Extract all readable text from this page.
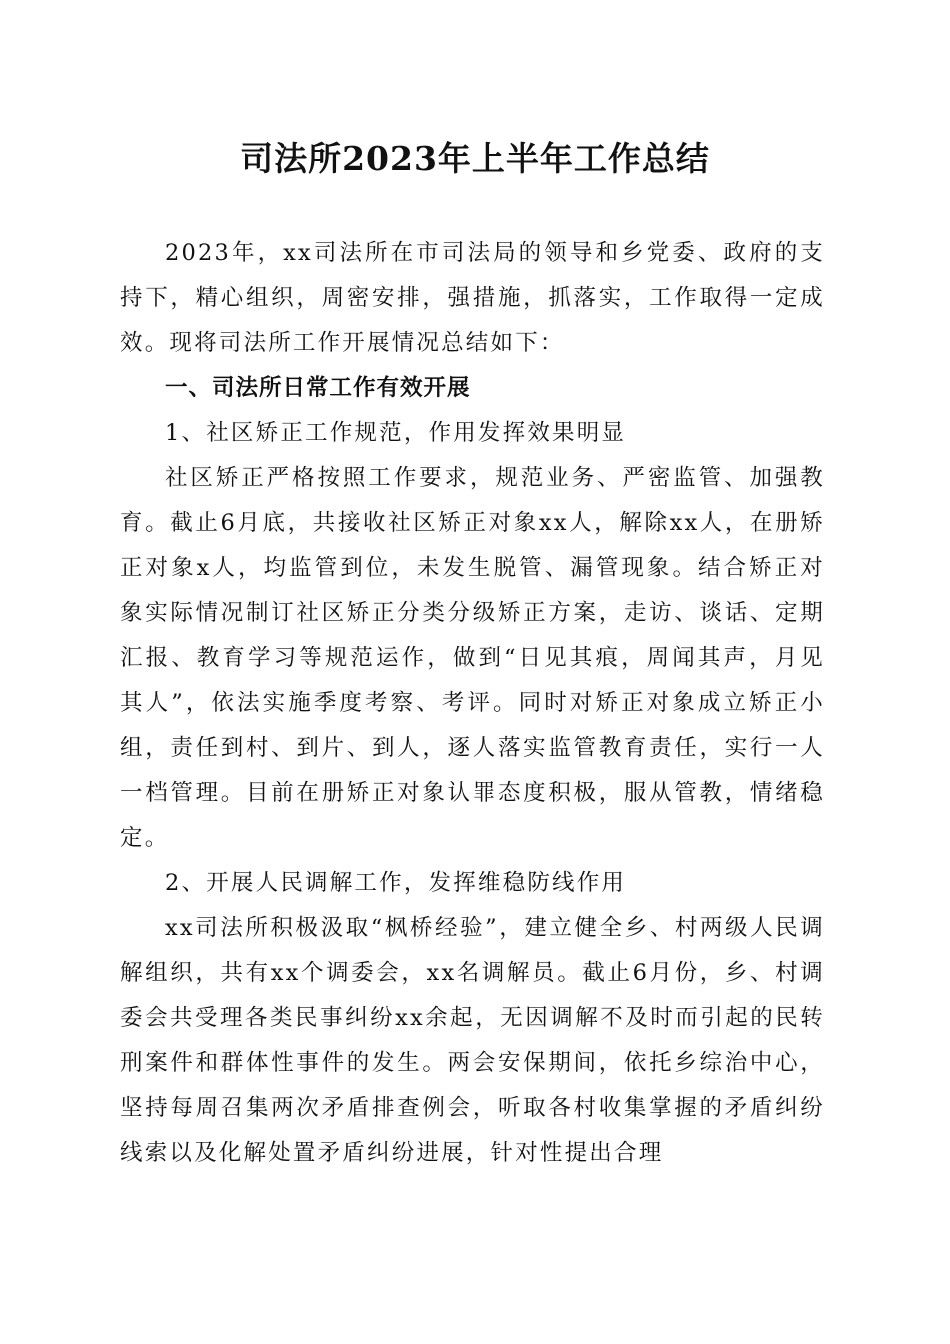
司法所2023年上半年工作总结

2023年，xx司法所在市司法局的领导和乡党委、政府的支持下，精心组织，周密安排，强措施，抓落实，工作取得一定成效。现将司法所工作开展情况总结如下：

一、司法所日常工作有效开展

1、社区矫正工作规范，作用发挥效果明显

社区矫正严格按照工作要求，规范业务、严密监管、加强教育。截止6月底，共接收社区矫正对象xx人，解除xx人，在册矫正对象x人，均监管到位，未发生脱管、漏管现象。结合矫正对象实际情况制订社区矫正分类分级矫正方案，走访、谈话、定期汇报、教育学习等规范运作，做到“日见其痕，周闻其声，月见其人”，依法实施季度考察、考评。同时对矫正对象成立矫正小组，责任到村、到片、到人，逐人落实监管教育责任，实行一人一档管理。目前在册矫正对象认罪态度积极，服从管教，情绪稳定。

2、开展人民调解工作，发挥维稳防线作用

xx司法所积极汲取“枫桥经验”，建立健全乡、村两级人民调解组织，共有xx个调委会，xx名调解员。截止6月份，乡、村调委会共受理各类民事纠纷xx余起，无因调解不及时而引起的民转刑案件和群体性事件的发生。两会安保期间，依托乡综治中心，坚持每周召集两次矛盾排查例会，听取各村收集掌握的矛盾纠纷线索以及化解处置矛盾纠纷进展，针对性提出合理
